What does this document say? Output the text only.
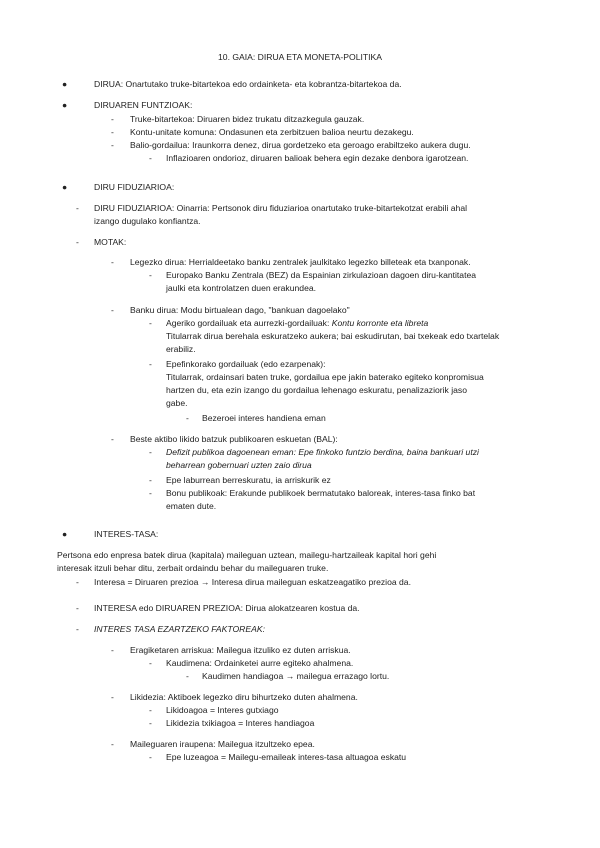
10. GAIA: DIRUA ETA MONETA-POLITIKA
●	DIRUA: Onartutako truke-bitartekoa edo ordainketa- eta kobrantza-bitartekoa da.
●	DIRUAREN FUNTZIOAK:
- Truke-bitartekoa: Diruaren bidez trukatu ditzazkegula gauzak.
- Kontu-unitate komuna: Ondasunen eta zerbitzuen balioa neurtu dezakegu.
- Balio-gordailua: Iraunkorra denez, dirua gordetzeko eta geroago erabiltzeko aukera dugu.
- Inflazioaren ondorioz, diruaren balioak behera egin dezake denbora igarotzean.
●	DIRU FIDUZIARIOA:
- DIRU FIDUZIARIOA: Oinarria: Pertsonok diru fiduziarioa onartutako truke-bitartekotzat erabili ahal
izango dugulako konfiantza.
- MOTAK:
- Legezko dirua: Herrialdeetako banku zentralek jaulkitako legezko billeteak eta txanponak.
- Europako Banku Zentrala (BEZ) da Espainian zirkulazioan dagoen diru-kantitatea
jaulki eta kontrolatzen duen erakundea.
- Banku dirua: Modu birtualean dago, "bankuan dagoelako"
- Ageriko gordailuak eta aurrezki-gordailuak: Kontu korronte eta libreta
Titularrak dirua berehala eskuratzeko aukera; bai eskudirutan, bai txekeak edo txartelak
erabiliz.
- Epefinkorako gordailuak (edo ezarpenak):
Titularrak, ordainsari baten truke, gordailua epe jakin baterako egiteko konpromisua
hartzen du, eta ezin izango du gordailua lehenago eskuratu, penalizaziorik jaso
gabe.
- Bezeroei interes handiena eman
- Beste aktibo likido batzuk publikoaren eskuetan (BAL):
- Defizit publikoa dagoenean eman: Epe finkoko funtzio berdina, baina bankuari utzi
beharrean gobernuari uzten zaio dirua
- Epe laburrean berreskuratu, ia arriskurik ez
- Bonu publikoak: Erakunde publikoek bermatutako baloreak, interes-tasa finko bat
ematen dute.
●	INTERES-TASA:
Pertsona edo enpresa batek dirua (kapitala) maileguan uztean, mailegu-hartzaileak kapital hori gehi
interesak itzuli behar ditu, zerbait ordaindu behar du maileguaren truke.
- Interesa = Diruaren prezioa → Interesa dirua maileguan eskatzeagatiko prezioa da.
- INTERESA edo DIRUAREN PREZIOA: Dirua alokatzearen kostua da.
- INTERES TASA EZARTZEKO FAKTOREAK:
- Eragiketaren arriskua: Mailegua itzuliko ez duten arriskua.
- Kaudimena: Ordainketei aurre egiteko ahalmena.
- Kaudimen handiagoa → mailegua errazago lortu.
- Likidezia: Aktiboek legezko diru bihurtzeko duten ahalmena.
- Likidoagoa = Interes gutxiago
- Likidezia txikiagoa = Interes handiagoa
- Maileguaren iraupena: Mailegua itzultzeko epea.
- Epe luzeagoa = Mailegu-emaileak interes-tasa altuagoa eskatu
